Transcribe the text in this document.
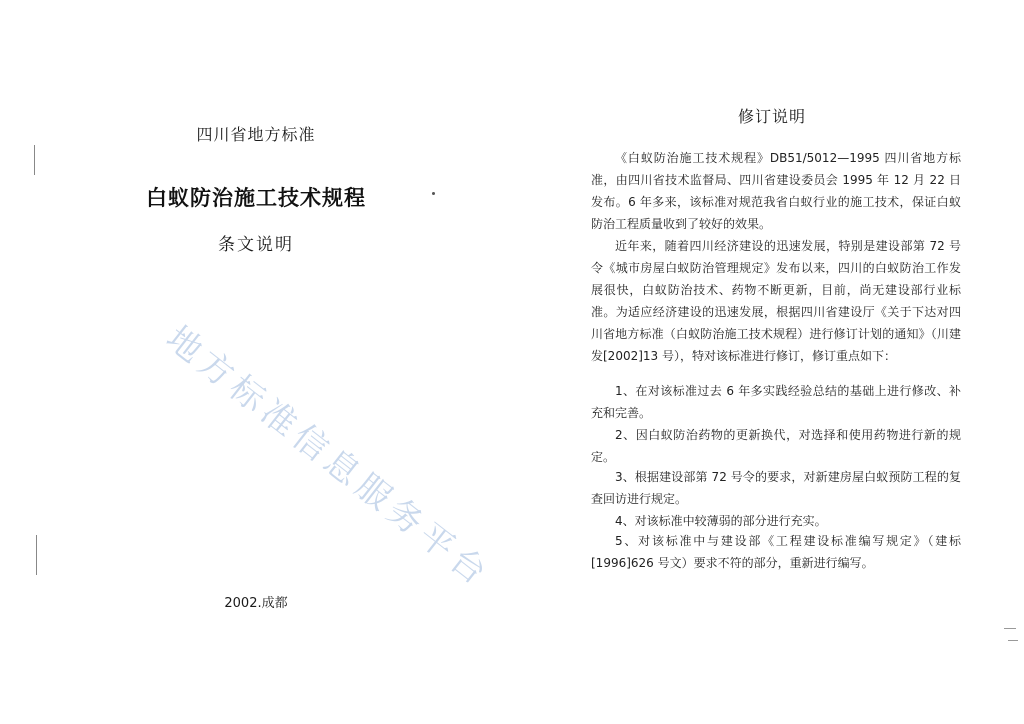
四川省地方标准
白蚁防治施工技术规程
条文说明
2002.成都
地方标准信息服务平台
修订说明

《白蚁防治施工技术规程》DB51/5012—1995 四川省地方标准，由四川省技术监督局、四川省建设委员会 1995 年 12 月 22 日发布。6 年多来，该标准对规范我省白蚁行业的施工技术，保证白蚁防治工程质量收到了较好的效果。

近年来，随着四川经济建设的迅速发展，特别是建设部第 72 号令《城市房屋白蚁防治管理规定》发布以来，四川的白蚁防治工作发展很快，白蚁防治技术、药物不断更新，目前，尚无建设部行业标准。为适应经济建设的迅速发展，根据四川省建设厅《关于下达对四川省地方标准（白蚁防治施工技术规程）进行修订计划的通知》（川建发[2002]13 号），特对该标准进行修订，修订重点如下：

1、在对该标准过去 6 年多实践经验总结的基础上进行修改、补充和完善。

2、因白蚁防治药物的更新换代，对选择和使用药物进行新的规定。

3、根据建设部第 72 号令的要求，对新建房屋白蚁预防工程的复查回访进行规定。

4、对该标准中较薄弱的部分进行充实。

5、对该标准中与建设部《工程建设标准编写规定》（建标[1996]626 号文）要求不符的部分，重新进行编写。
